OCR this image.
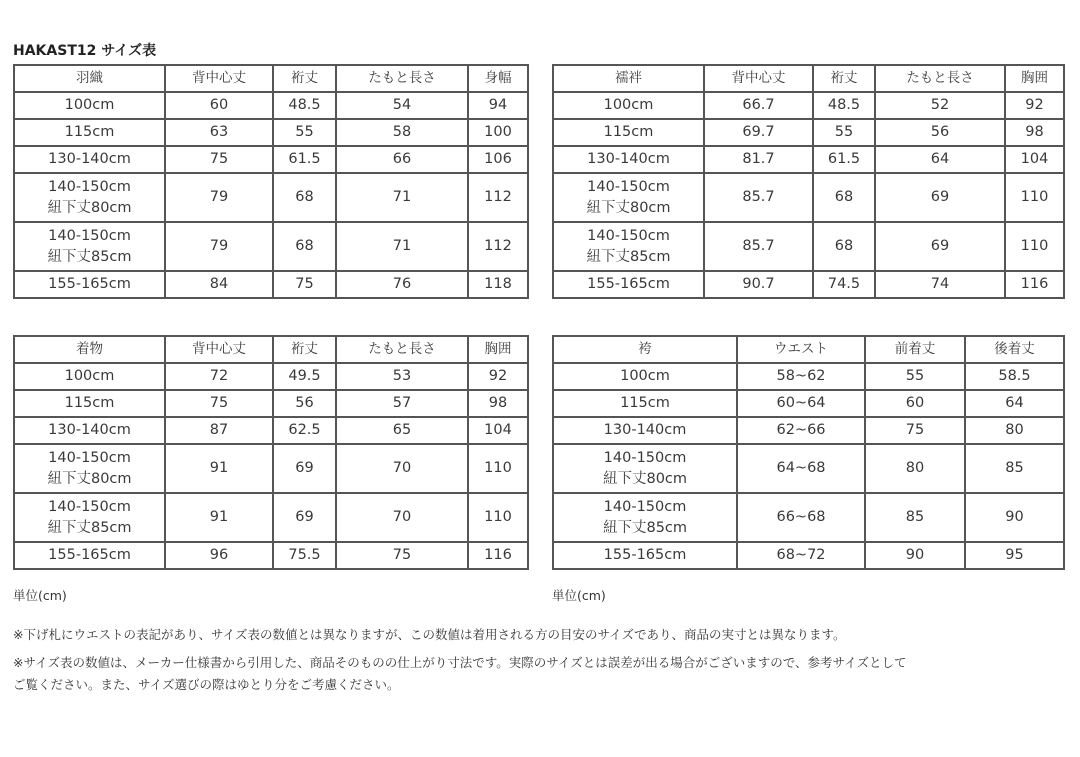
HAKAST12 サイズ表
羽織	背中心丈	裄丈	たもと長さ	身幅

100cm	60	48.5	54	94

115cm	63	55	58	100

130-140cm	75	61.5	66	106

140-150cm
紐下丈80cm	79	68	71	112

140-150cm
紐下丈85cm	79	68	71	112

155-165cm	84	75	76	118
襦袢	背中心丈	裄丈	たもと長さ	胸囲

100cm	66.7	48.5	52	92

115cm	69.7	55	56	98

130-140cm	81.7	61.5	64	104

140-150cm
紐下丈80cm	85.7	68	69	110

140-150cm
紐下丈85cm	85.7	68	69	110

155-165cm	90.7	74.5	74	116
着物	背中心丈	裄丈	たもと長さ	胸囲

100cm	72	49.5	53	92

115cm	75	56	57	98

130-140cm	87	62.5	65	104

140-150cm
紐下丈80cm	91	69	70	110

140-150cm
紐下丈85cm	91	69	70	110

155-165cm	96	75.5	75	116
袴	ウエスト	前着丈	後着丈

100cm	58~62	55	58.5

115cm	60~64	60	64

130-140cm	62~66	75	80

140-150cm
紐下丈80cm	64~68	80	85

140-150cm
紐下丈85cm	66~68	85	90

155-165cm	68~72	90	95
単位(cm)	単位(cm)
※下げ札にウエストの表記があり、サイズ表の数値とは異なりますが、この数値は着用される方の目安のサイズであり、商品の実寸とは異なります。
※サイズ表の数値は、メーカー仕様書から引用した、商品そのものの仕上がり寸法です。実際のサイズとは誤差が出る場合がございますので、参考サイズとして
ご覧ください。また、サイズ選びの際はゆとり分をご考慮ください。
